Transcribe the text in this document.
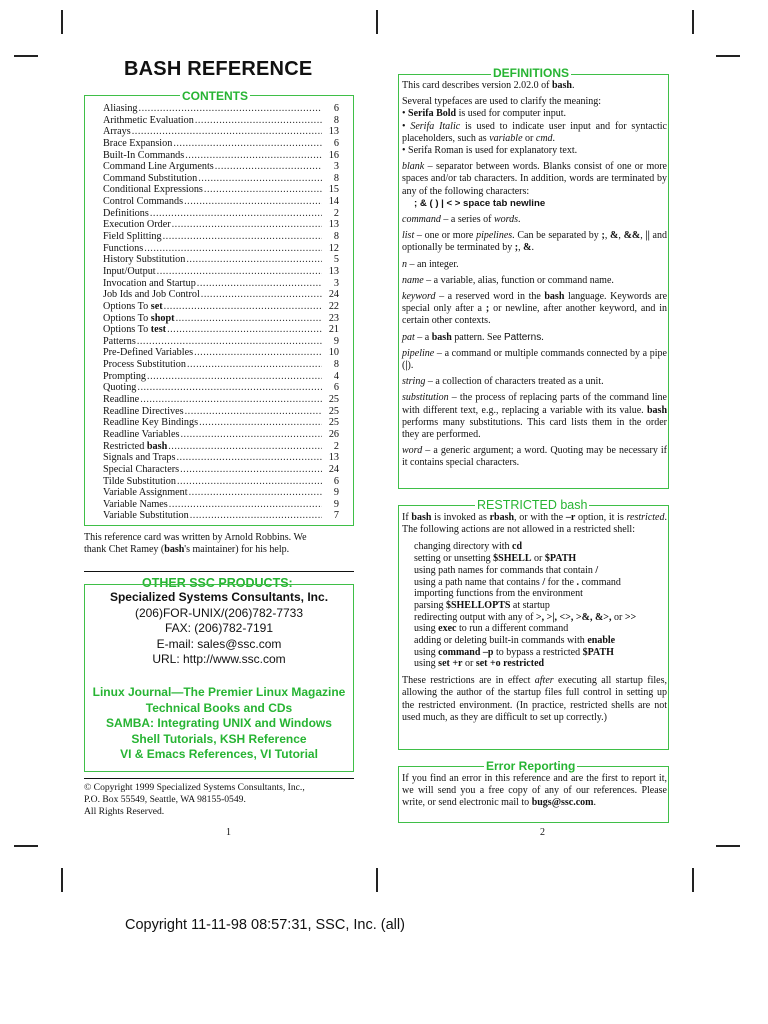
BASH REFERENCE
CONTENTS
Aliasing .....	6
Arithmetic Evaluation .....	8
Arrays .....	13
Brace Expansion .....	6
Built-In Commands .....	16
Command Line Arguments .....	3
Command Substitution .....	8
Conditional Expressions .....	15
Control Commands .....	14
Definitions .....	2
Execution Order .....	13
Field Splitting .....	8
Functions .....	12
History Substitution .....	5
Input/Output .....	13
Invocation and Startup .....	3
Job Ids and Job Control .....	24
Options To set .....	22
Options To shopt .....	23
Options To test .....	21
Patterns .....	9
Pre-Defined Variables .....	10
Process Substitution .....	8
Prompting .....	4
Quoting .....	6
Readline .....	25
Readline Directives .....	25
Readline Key Bindings .....	25
Readline Variables .....	26
Restricted bash .....	2
Signals and Traps .....	13
Special Characters .....	24
Tilde Substitution .....	6
Variable Assignment .....	9
Variable Names .....	9
Variable Substitution .....	7
This reference card was written by Arnold Robbins. We
thank Chet Ramey (bash's maintainer) for his help.
OTHER SSC PRODUCTS:
Specialized Systems Consultants, Inc.
(206)FOR-UNIX/(206)782-7733
FAX: (206)782-7191
E-mail: sales@ssc.com
URL: http://www.ssc.com
Linux Journal—The Premier Linux Magazine
Technical Books and CDs
SAMBA: Integrating UNIX and Windows
Shell Tutorials, KSH Reference
VI & Emacs References, VI Tutorial
© Copyright 1999 Specialized Systems Consultants, Inc.,
P.O. Box 55549, Seattle, WA 98155-0549.
All Rights Reserved.
1
DEFINITIONS
This card describes version 2.02.0 of bash.
Several typefaces are used to clarify the meaning:
• Serifa Bold is used for computer input.
• Serifa Italic is used to indicate user input and for syntactic placeholders, such as variable or cmd.
• Serifa Roman is used for explanatory text.
blank – separator between words. Blanks consist of one or more spaces and/or tab characters. In addition, words are terminated by any of the following characters:
; & ( ) | < > space tab newline
command – a series of words.
list – one or more pipelines. Can be separated by ;, &, &&, || and optionally be terminated by ;, &.
n – an integer.
name – a variable, alias, function or command name.
keyword – a reserved word in the bash language. Keywords are special only after a ; or newline, after another keyword, and in certain other contexts.
pat – a bash pattern. See Patterns.
pipeline – a command or multiple commands connected by a pipe (|).
string – a collection of characters treated as a unit.
substitution – the process of replacing parts of the command line with different text, e.g., replacing a variable with its value. bash performs many substitutions. This card lists them in the order they are performed.
word – a generic argument; a word. Quoting may be necessary if it contains special characters.
RESTRICTED bash
If bash is invoked as rbash, or with the –r option, it is restricted. The following actions are not allowed in a restricted shell:
changing directory with cd
setting or unsetting $SHELL or $PATH
using path names for commands that contain /
using a path name that contains / for the . command
importing functions from the environment
parsing $SHELLOPTS at startup
redirecting output with any of >, >|, <>, >&, &>, or >>
using exec to run a different command
adding or deleting built-in commands with enable
using command –p to bypass a restricted $PATH
using set +r or set +o restricted
These restrictions are in effect after executing all startup files, allowing the author of the startup files full control in setting up the restricted environment. (In practice, restricted shells are not used much, as they are difficult to set up correctly.)
Error Reporting
If you find an error in this reference and are the first to report it, we will send you a free copy of any of our references. Please write, or send electronic mail to bugs@ssc.com.
2
Copyright 11-11-98 08:57:31, SSC, Inc. (all)
